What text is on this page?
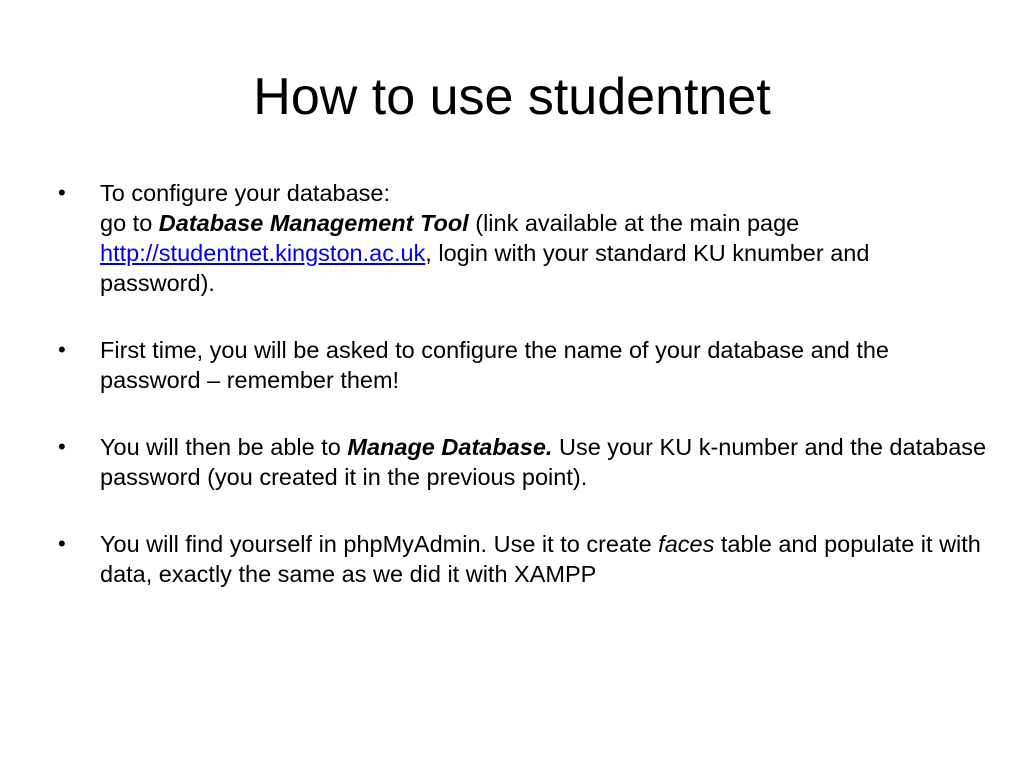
How to use studentnet
• To configure your database:
go to Database Management Tool (link available at the main page
http://studentnet.kingston.ac.uk, login with your standard KU knumber and password).
• First time, you will be asked to configure the name of your database and the password – remember them!
• You will then be able to Manage Database. Use your KU k-number and the database password (you created it in the previous point).
• You will find yourself in phpMyAdmin. Use it to create faces table and populate it with data, exactly the same as we did it with XAMPP
